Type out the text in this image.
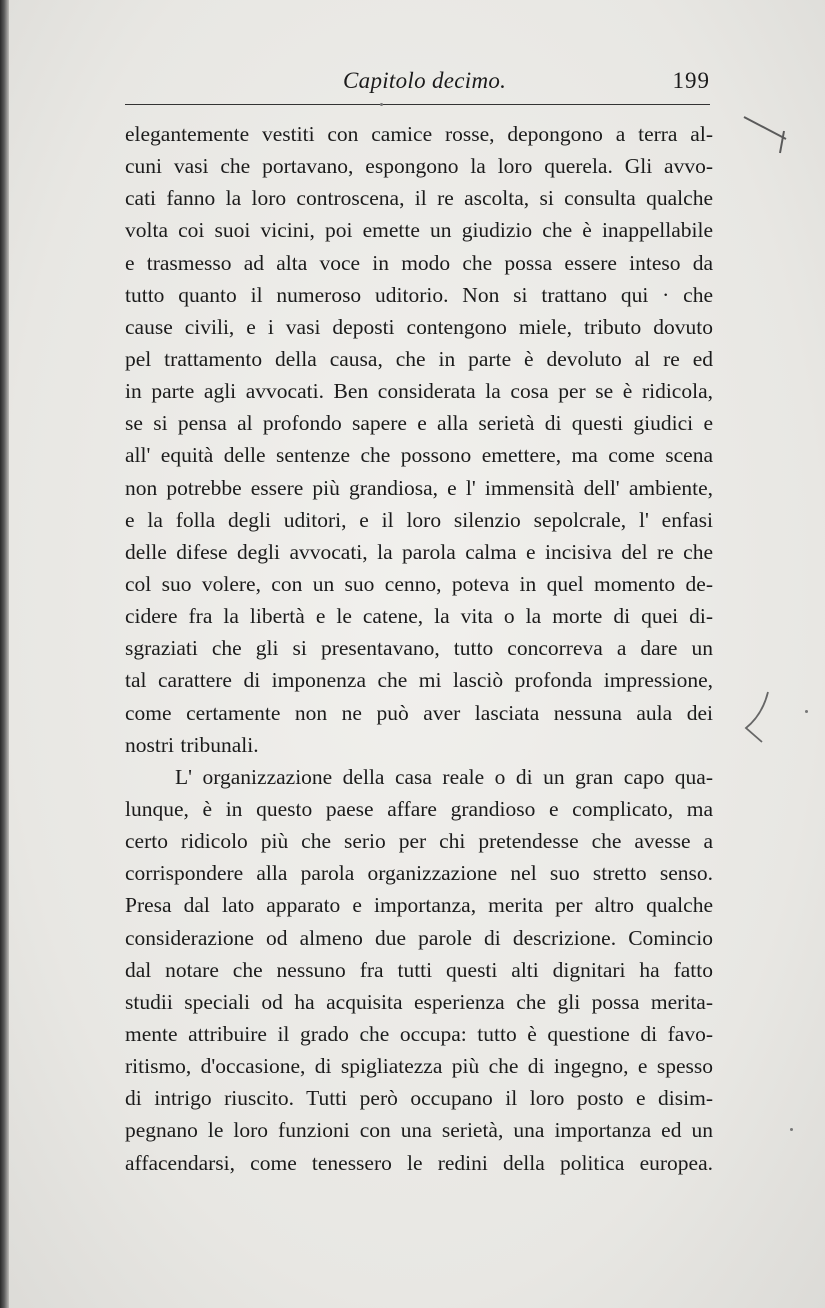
Capitolo decimo.	199
elegantemente vestiti con camice rosse, depongono a terra al-
cuni vasi che portavano, espongono la loro querela. Gli avvo-
cati fanno la loro controscena, il re ascolta, si consulta qualche
volta coi suoi vicini, poi emette un giudizio che è inappellabile
e trasmesso ad alta voce in modo che possa essere inteso da
tutto quanto il numeroso uditorio. Non si trattano qui · che
cause civili, e i vasi deposti contengono miele, tributo dovuto
pel trattamento della causa, che in parte è devoluto al re ed
in parte agli avvocati. Ben considerata la cosa per se è ridicola,
se si pensa al profondo sapere e alla serietà di questi giudici e
all' equità delle sentenze che possono emettere, ma come scena
non potrebbe essere più grandiosa, e l' immensità dell' ambiente,
e la folla degli uditori, e il loro silenzio sepolcrale, l' enfasi
delle difese degli avvocati, la parola calma e incisiva del re che
col suo volere, con un suo cenno, poteva in quel momento de-
cidere fra la libertà e le catene, la vita o la morte di quei di-
sgraziati che gli si presentavano, tutto concorreva a dare un
tal carattere di imponenza che mi lasciò profonda impressione,
come certamente non ne può aver lasciata nessuna aula dei
nostri tribunali.
L' organizzazione della casa reale o di un gran capo qua-
lunque, è in questo paese affare grandioso e complicato, ma
certo ridicolo più che serio per chi pretendesse che avesse a
corrispondere alla parola organizzazione nel suo stretto senso.
Presa dal lato apparato e importanza, merita per altro qualche
considerazione od almeno due parole di descrizione. Comincio
dal notare che nessuno fra tutti questi alti dignitari ha fatto
studii speciali od ha acquisita esperienza che gli possa merita-
mente attribuire il grado che occupa: tutto è questione di favo-
ritismo, d'occasione, di spigliatezza più che di ingegno, e spesso
di intrigo riuscito. Tutti però occupano il loro posto e disim-
pegnano le loro funzioni con una serietà, una importanza ed un
affacendarsi, come tenessero le redini della politica europea.
